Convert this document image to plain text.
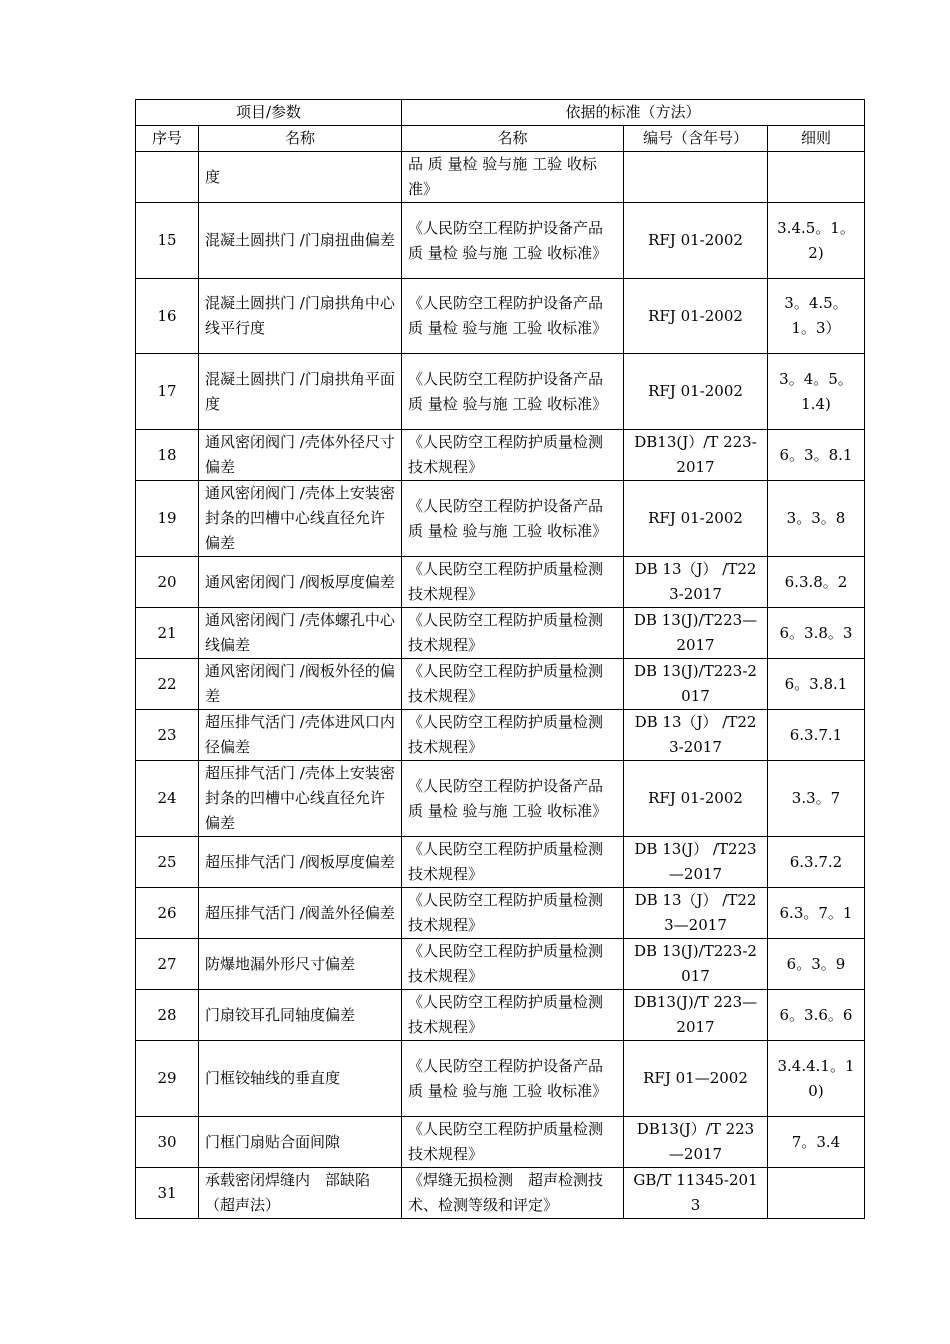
项目/参数		依据的标准（方法）		
序号	名称	名称	编号（含年号）	细则
	度	品 质 量检 验与施 工验 收标准》		
15	混凝土圆拱门 /门扇扭曲偏差	《人民防空工程防护设备产品 质 量检 验与施 工验 收标准》	RFJ 01-2002	3.4.5。1。2)
16	混凝土圆拱门 /门扇拱角中心线平行度	《人民防空工程防护设备产品 质 量检 验与施 工验 收标准》	RFJ 01-2002	3。4.5。1。3）
17	混凝土圆拱门 /门扇拱角平面度	《人民防空工程防护设备产品 质 量检 验与施 工验 收标准》	RFJ 01-2002	3。4。5。1.4)
18	通风密闭阀门 /壳体外径尺寸偏差	《人民防空工程防护质量检测技术规程》	DB13(J）/T 223-2017	6。3。8.1
19	通风密闭阀门 /壳体上安装密封条的凹槽中心线直径允许偏差	《人民防空工程防护设备产品 质 量检 验与施 工验 收标准》	RFJ 01-2002	3。3。8
20	通风密闭阀门 /阀板厚度偏差	《人民防空工程防护质量检测技术规程》	DB 13（J） /T223-2017	6.3.8。2
21	通风密闭阀门 /壳体螺孔中心线偏差	《人民防空工程防护质量检测技术规程》	DB 13(J)/T223—2017	6。3.8。3
22	通风密闭阀门 /阀板外径的偏差	《人民防空工程防护质量检测技术规程》	DB 13(J)/T223-2017	6。3.8.1
23	超压排气活门 /壳体进风口内径偏差	《人民防空工程防护质量检测技术规程》	DB 13（J） /T223-2017	6.3.7.1
24	超压排气活门 /壳体上安装密封条的凹槽中心线直径允许偏差	《人民防空工程防护设备产品 质 量检 验与施 工验 收标准》	RFJ 01-2002	3.3。7
25	超压排气活门 /阀板厚度偏差	《人民防空工程防护质量检测技术规程》	DB 13(J） /T223—2017	6.3.7.2
26	超压排气活门 /阀盖外径偏差	《人民防空工程防护质量检测技术规程》	DB 13（J） /T223—2017	6.3。7。1
27	防爆地漏外形尺寸偏差	《人民防空工程防护质量检测技术规程》	DB 13(J)/T223-2017	6。3。9
28	门扇铰耳孔同轴度偏差	《人民防空工程防护质量检测技术规程》	DB13(J)/T 223—2017	6。3.6。6
29	门框铰轴线的垂直度	《人民防空工程防护设备产品 质 量检 验与施 工验 收标准》	RFJ 01—2002	3.4.4.1。10)
30	门框门扇贴合面间隙	《人民防空工程防护质量检测技术规程》	DB13(J）/T 223—2017	7。3.4
31	承载密闭焊缝内　部缺陷（超声法）	《焊缝无损检测　超声检测技术、检测等级和评定》	GB/T 11345-2013	
